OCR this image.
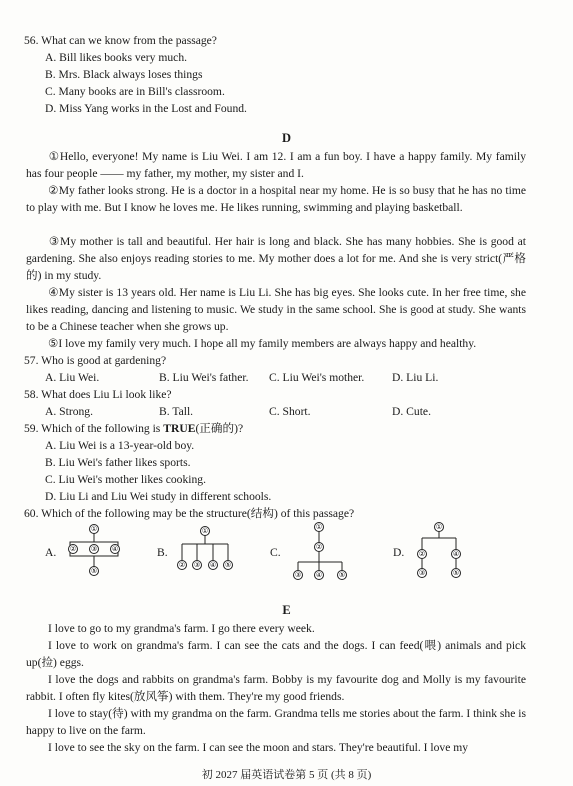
56. What can we know from the passage?
A. Bill likes books very much.
B. Mrs. Black always loses things
C. Many books are in Bill's classroom.
D. Miss Yang works in the Lost and Found.
D
①Hello, everyone! My name is Liu Wei. I am 12. I am a fun boy. I have a happy family. My family has four people —— my father, my mother, my sister and I.
②My father looks strong. He is a doctor in a hospital near my home. He is so busy that he has no time to play with me. But I know he loves me. He likes running, swimming and playing basketball.
③My mother is tall and beautiful. Her hair is long and black. She has many hobbies. She is good at gardening. She also enjoys reading stories to me. My mother does a lot for me. And she is very strict(严格的) in my study.
④My sister is 13 years old. Her name is Liu Li. She has big eyes. She looks cute. In her free time, she likes reading, dancing and listening to music. We study in the same school. She is good at study. She wants to be a Chinese teacher when she grows up.
⑤I love my family very much. I hope all my family members are always happy and healthy.
57. Who is good at gardening?
A. Liu Wei.	B. Liu Wei's father. C. Liu Wei's mother. D. Liu Li.
58. What does Liu Li look like?
A. Strong.	B. Tall.	C. Short.	D. Cute.
59. Which of the following is TRUE(正确的)?
A. Liu Wei is a 13-year-old boy.
B. Liu Wei's father likes sports.
C. Liu Wei's mother likes cooking.
D. Liu Li and Liu Wei study in different schools.
60. Which of the following may be the structure(结构) of this passage?
A.
①
② ③ ④
⑤
B.
①
② ③ ④ ⑤
C.
①
②
③ ④ ⑤
D.
①
②
③
④
⑤
E
I love to go to my grandma's farm. I go there every week.
I love to work on grandma's farm. I can see the cats and the dogs. I can feed(喂) animals and pick up(捡) eggs.
I love the dogs and rabbits on grandma's farm. Bobby is my favourite dog and Molly is my favourite rabbit. I often fly kites(放风筝) with them. They're my good friends.
I love to stay(待) with my grandma on the farm. Grandma tells me stories about the farm. I think she is happy to live on the farm.
I love to see the sky on the farm. I can see the moon and stars. They're beautiful. I love my
初 2027 届英语试卷第 5 页 (共 8 页)
